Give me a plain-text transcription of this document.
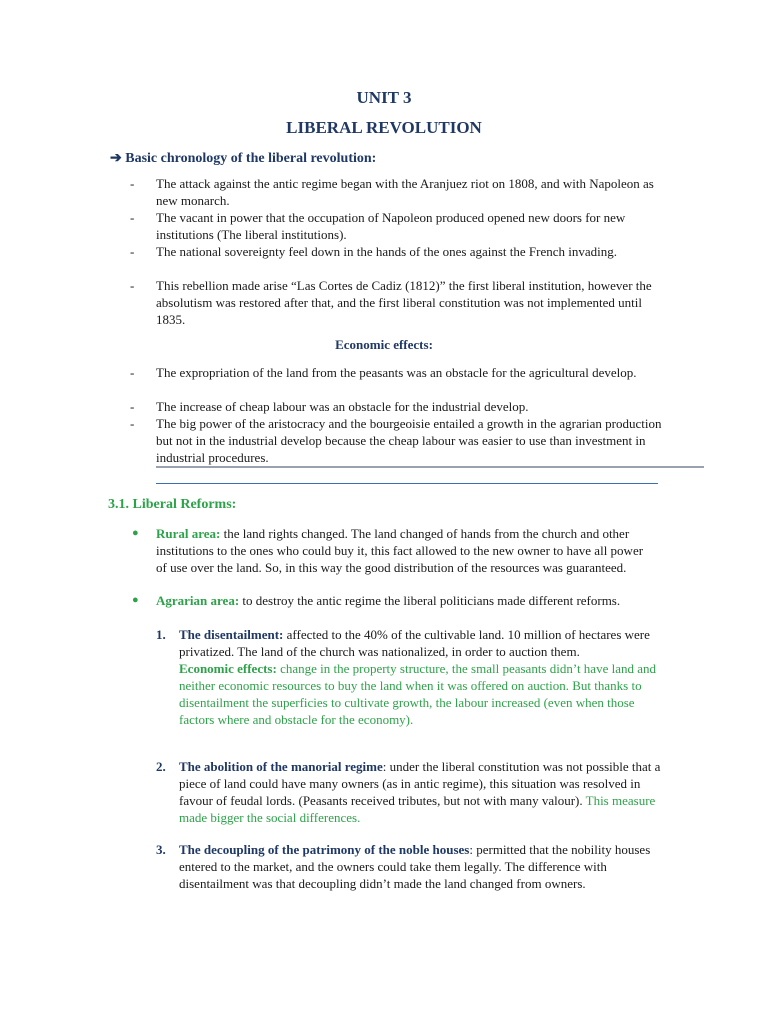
UNIT 3
LIBERAL REVOLUTION
➔ Basic chronology of the liberal revolution:
- The attack against the antic regime began with the Aranjuez riot on 1808, and with Napoleon as new monarch.
- The vacant in power that the occupation of Napoleon produced opened new doors for new institutions (The liberal institutions).
- The national sovereignty feel down in the hands of the ones against the French invading.
- This rebellion made arise “Las Cortes de Cadiz (1812)” the first liberal institution, however the absolutism was restored after that, and the first liberal constitution was not implemented until 1835.
Economic effects:
- The expropriation of the land from the peasants was an obstacle for the agricultural develop.
- The increase of cheap labour was an obstacle for the industrial develop.
- The big power of the aristocracy and the bourgeoisie entailed a growth in the agrarian production but not in the industrial develop because the cheap labour was easier to use than investment in industrial procedures.
3.1. Liberal Reforms:
● Rural area: the land rights changed. The land changed of hands from the church and other institutions to the ones who could buy it, this fact allowed to the new owner to have all power of use over the land. So, in this way the good distribution of the resources was guaranteed.
● Agrarian area: to destroy the antic regime the liberal politicians made different reforms.
1. The disentailment: affected to the 40% of the cultivable land. 10 million of hectares were privatized. The land of the church was nationalized, in order to auction them.
Economic effects: change in the property structure, the small peasants didn’t have land and neither economic resources to buy the land when it was offered on auction. But thanks to disentailment the superficies to cultivate growth, the labour increased (even when those factors where and obstacle for the economy).
2. The abolition of the manorial regime: under the liberal constitution was not possible that a piece of land could have many owners (as in antic regime), this situation was resolved in favour of feudal lords. (Peasants received tributes, but not with many valour). This measure made bigger the social differences.
3. The decoupling of the patrimony of the noble houses: permitted that the nobility houses entered to the market, and the owners could take them legally. The difference with disentailment was that decoupling didn’t made the land changed from owners.
